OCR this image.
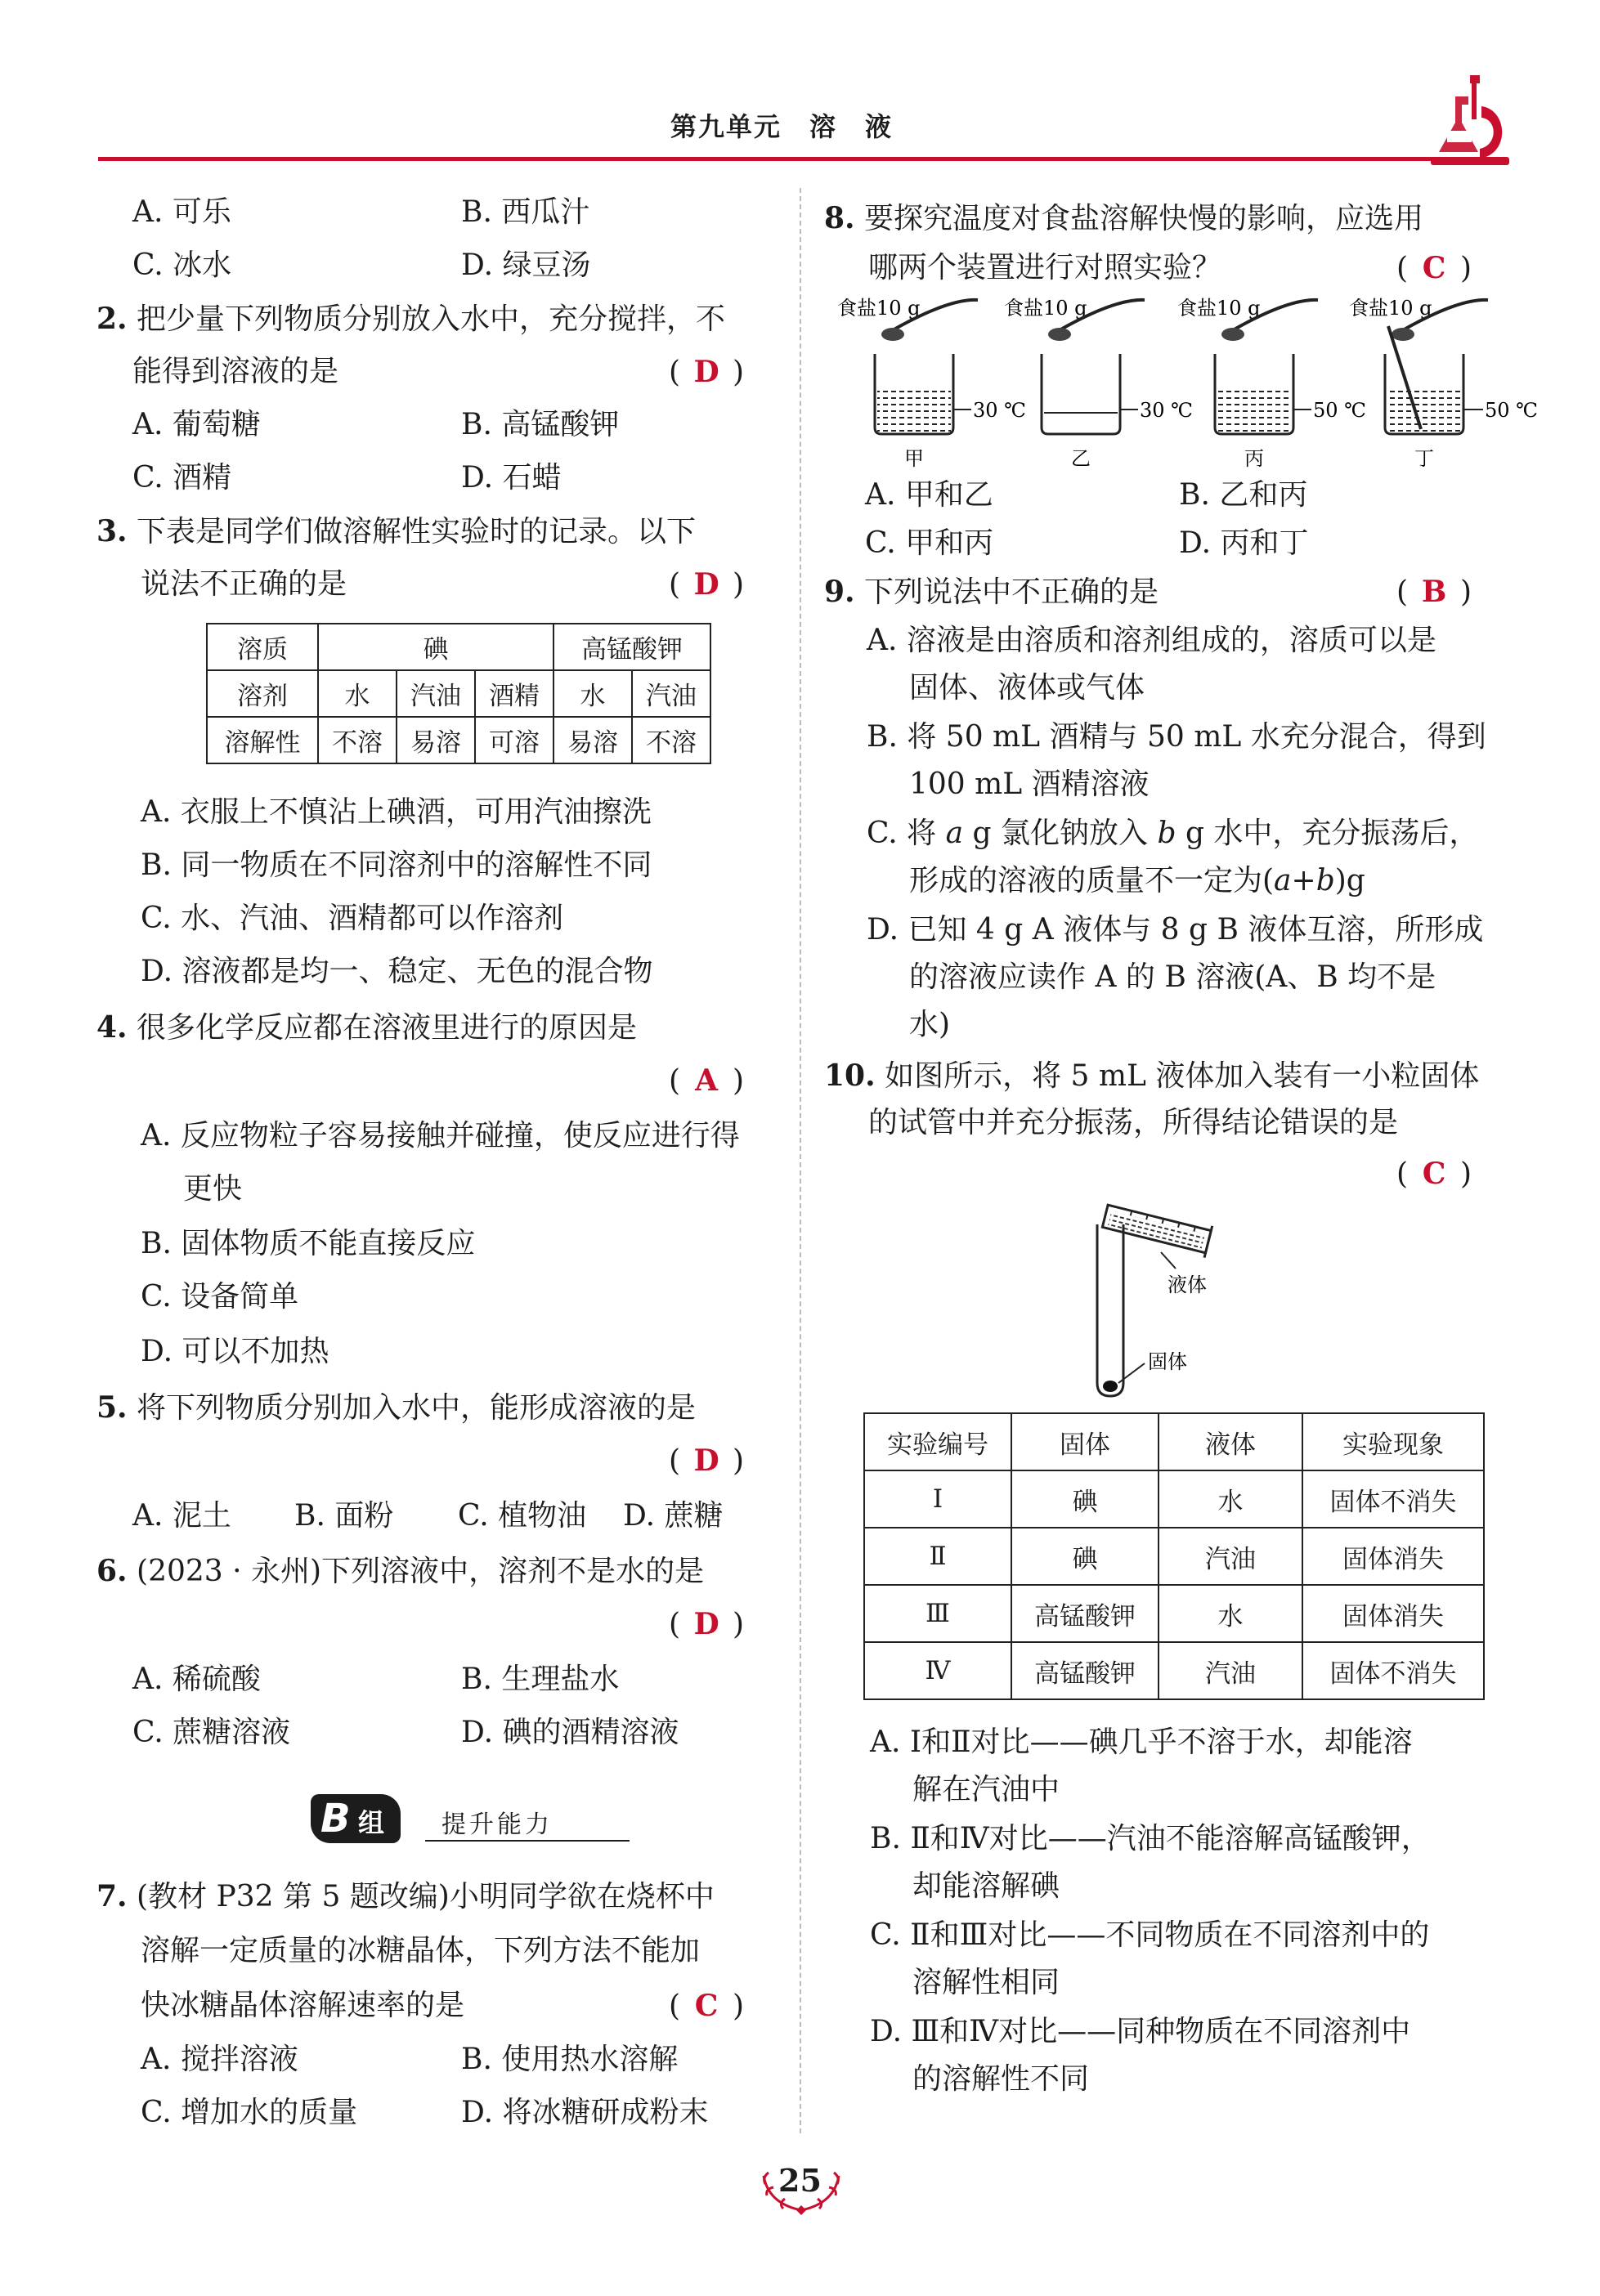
第九单元 溶 液
A. 可乐	B. 西瓜汁
C. 冰水	D. 绿豆汤
2. 把少量下列物质分别放入水中，充分搅拌，不
能得到溶液的是	( D )
A. 葡萄糖	B. 高锰酸钾
C. 酒精	D. 石蜡
3. 下表是同学们做溶解性实验时的记录。以下
说法不正确的是	( D )
溶质	碘			高锰酸钾	
溶剂	水	汽油	酒精	水	汽油
溶解性	不溶	易溶	可溶	易溶	不溶
A. 衣服上不慎沾上碘酒，可用汽油擦洗
B. 同一物质在不同溶剂中的溶解性不同
C. 水、汽油、酒精都可以作溶剂
D. 溶液都是均一、稳定、无色的混合物
4. 很多化学反应都在溶液里进行的原因是
( A )
A. 反应物粒子容易接触并碰撞，使反应进行得
更快
B. 固体物质不能直接反应
C. 设备简单
D. 可以不加热
5. 将下列物质分别加入水中，能形成溶液的是
( D )
A. 泥土 B. 面粉 C. 植物油 D. 蔗糖
6. (2023 · 永州)下列溶液中，溶剂不是水的是
( D )
A. 稀硫酸	B. 生理盐水
C. 蔗糖溶液	D. 碘的酒精溶液
B 组 提升能力
7. (教材 P32 第 5 题改编)小明同学欲在烧杯中
溶解一定质量的冰糖晶体，下列方法不能加
快冰糖晶体溶解速率的是	( C )
A. 搅拌溶液	B. 使用热水溶解
C. 增加水的质量	D. 将冰糖研成粉末
8. 要探究温度对食盐溶解快慢的影响，应选用
哪两个装置进行对照实验？	( C )
食盐10 g
30 ℃
甲
食盐10 g
30 ℃
乙
食盐10 g
50 ℃
丙
食盐10 g
50 ℃
丁
A. 甲和乙	B. 乙和丙
C. 甲和丙	D. 丙和丁
9. 下列说法中不正确的是	( B )
A. 溶液是由溶质和溶剂组成的，溶质可以是
固体、液体或气体
B. 将 50 mL 酒精与 50 mL 水充分混合，得到
100 mL 酒精溶液
C. 将 a g 氯化钠放入 b g 水中，充分振荡后，
形成的溶液的质量不一定为(a+b)g
D. 已知 4 g A 液体与 8 g B 液体互溶，所形成
的溶液应读作 A 的 B 溶液(A、B 均不是
水)
10. 如图所示，将 5 mL 液体加入装有一小粒固体
的试管中并充分振荡，所得结论错误的是
( C )
液体
固体
实验编号	固体	液体	实验现象
Ⅰ	碘	水	固体不消失
Ⅱ	碘	汽油	固体消失
Ⅲ	高锰酸钾	水	固体消失
Ⅳ	高锰酸钾	汽油	固体不消失
A. Ⅰ和Ⅱ对比——碘几乎不溶于水，却能溶
解在汽油中
B. Ⅱ和Ⅳ对比——汽油不能溶解高锰酸钾，
却能溶解碘
C. Ⅱ和Ⅲ对比——不同物质在不同溶剂中的
溶解性相同
D. Ⅲ和Ⅳ对比——同种物质在不同溶剂中
的溶解性不同
25
